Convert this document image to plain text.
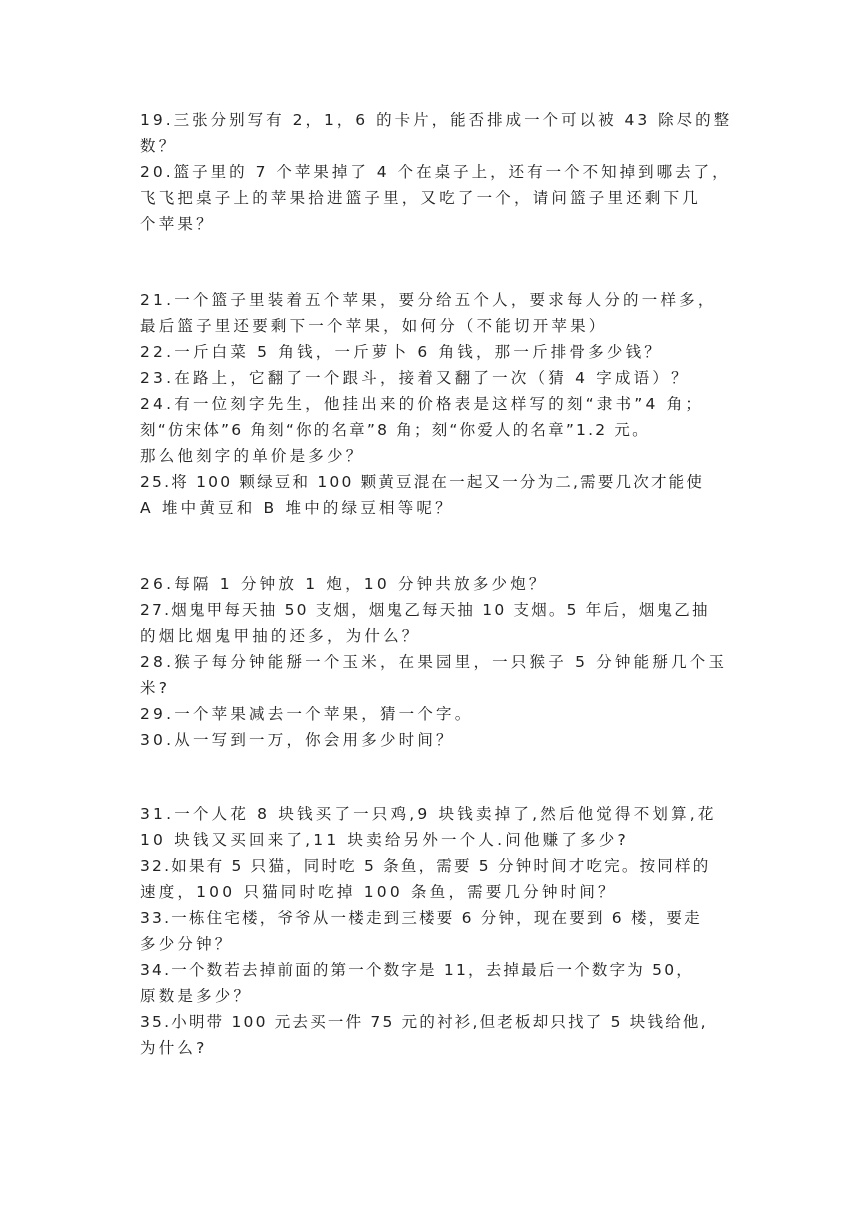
19.三张分别写有 2，1，6 的卡片，能否排成一个可以被 43 除尽的整
数？
20.篮子里的 7 个苹果掉了 4 个在桌子上，还有一个不知掉到哪去了，
飞飞把桌子上的苹果拾进篮子里，又吃了一个，请问篮子里还剩下几
个苹果？
21.一个篮子里装着五个苹果，要分给五个人，要求每人分的一样多，
最后篮子里还要剩下一个苹果，如何分（不能切开苹果）
22.一斤白菜 5 角钱，一斤萝卜 6 角钱，那一斤排骨多少钱？
23.在路上，它翻了一个跟斗，接着又翻了一次（猜 4 字成语）？
24.有一位刻字先生，他挂出来的价格表是这样写的刻“隶书”4 角；
刻“仿宋体”6 角刻“你的名章”8 角；刻“你爱人的名章”1.2 元。
那么他刻字的单价是多少？
25.将 100 颗绿豆和 100 颗黄豆混在一起又一分为二,需要几次才能使
A 堆中黄豆和 B 堆中的绿豆相等呢？
26.每隔 1 分钟放 1 炮，10 分钟共放多少炮？
27.烟鬼甲每天抽 50 支烟，烟鬼乙每天抽 10 支烟。5 年后，烟鬼乙抽
的烟比烟鬼甲抽的还多，为什么？
28.猴子每分钟能掰一个玉米，在果园里，一只猴子 5 分钟能掰几个玉
米?
29.一个苹果减去一个苹果，猜一个字。
30.从一写到一万，你会用多少时间？
31.一个人花 8 块钱买了一只鸡,9 块钱卖掉了,然后他觉得不划算,花
10 块钱又买回来了,11 块卖给另外一个人.问他赚了多少?
32.如果有 5 只猫，同时吃 5 条鱼，需要 5 分钟时间才吃完。按同样的
速度，100 只猫同时吃掉 100 条鱼，需要几分钟时间？
33.一栋住宅楼，爷爷从一楼走到三楼要 6 分钟，现在要到 6 楼，要走
多少分钟？
34.一个数若去掉前面的第一个数字是 11，去掉最后一个数字为 50，
原数是多少？
35.小明带 100 元去买一件 75 元的衬衫,但老板却只找了 5 块钱给他,
为什么?
